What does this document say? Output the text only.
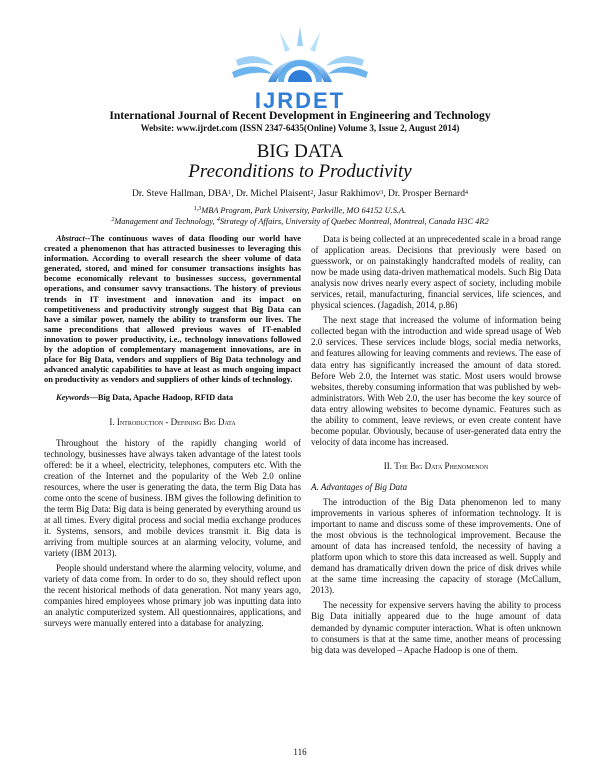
IJRDET
International Journal of Recent Development in Engineering and Technology
Website: www.ijrdet.com (ISSN 2347-6435(Online) Volume 3, Issue 2, August 2014)
BIG DATA
Preconditions to Productivity
Dr. Steve Hallman, DBA$^1$, Dr. Michel Plaisent$^2$, Jasur Rakhimov$^3$, Dr. Prosper Bernard$^4$
$^{1,3}$MBA Program, Park University, Parkville, MO 64152 U.S.A.
$^2$Management and Technology, $^4$Strategy of Affairs, University of Quebec Montreal, Montreal, Canada H3C 4R2

Abstract--The continuous waves of data flooding our world have created a phenomenon that has attracted businesses to leveraging this information. According to overall research the sheer volume of data generated, stored, and mined for consumer transactions insights has become economically relevant to businesses success, governmental operations, and consumer savvy transactions. The history of previous trends in IT investment and innovation and its impact on competitiveness and productivity strongly suggest that Big Data can have a similar power, namely the ability to transform our lives. The same preconditions that allowed previous waves of IT-enabled innovation to power productivity, i.e., technology innovations followed by the adoption of complementary management innovations, are in place for Big Data, vendors and suppliers of Big Data technology and advanced analytic capabilities to have at least as much ongoing impact on productivity as vendors and suppliers of other kinds of technology.

Keywords—Big Data, Apache Hadoop, RFID data

I. Introduction - Defining Big Data

Throughout the history of the rapidly changing world of technology, businesses have always taken advantage of the latest tools offered: be it a wheel, electricity, telephones, computers etc. With the creation of the Internet and the popularity of the Web 2.0 online resources, where the user is generating the data, the term Big Data has come onto the scene of business. IBM gives the following definition to the term Big Data: Big data is being generated by everything around us at all times. Every digital process and social media exchange produces it. Systems, sensors, and mobile devices transmit it. Big data is arriving from multiple sources at an alarming velocity, volume, and variety (IBM 2013).

People should understand where the alarming velocity, volume, and variety of data come from. In order to do so, they should reflect upon the recent historical methods of data generation. Not many years ago, companies hired employees whose primary job was inputting data into an analytic computerized system. All questionnaires, applications, and surveys were manually entered into a database for analyzing.

Data is being collected at an unprecedented scale in a broad range of application areas. Decisions that previously were based on guesswork, or on painstakingly handcrafted models of reality, can now be made using data-driven mathematical models. Such Big Data analysis now drives nearly every aspect of society, including mobile services, retail, manufacturing, financial services, life sciences, and physical sciences. (Jagadish, 2014, p.86)

The next stage that increased the volume of information being collected began with the introduction and wide spread usage of Web 2.0 services. These services include blogs, social media networks, and features allowing for leaving comments and reviews. The ease of data entry has significantly increased the amount of data stored. Before Web 2.0, the Internet was static. Most users would browse websites, thereby consuming information that was published by web-administrators. With Web 2.0, the user has become the key source of data entry allowing websites to become dynamic. Features such as the ability to comment, leave reviews, or even create content have become popular. Obviously, because of user-generated data entry the velocity of data income has increased.

II. The Big Data Phenomenon
A. Advantages of Big Data

The introduction of the Big Data phenomenon led to many improvements in various spheres of information technology. It is important to name and discuss some of these improvements. One of the most obvious is the technological improvement. Because the amount of data has increased tenfold, the necessity of having a platform upon which to store this data increased as well. Supply and demand has dramatically driven down the price of disk drives while at the same time increasing the capacity of storage (McCallum, 2013).

The necessity for expensive servers having the ability to process Big Data initially appeared due to the huge amount of data demanded by dynamic computer interaction. What is often unknown to consumers is that at the same time, another means of processing big data was developed – Apache Hadoop is one of them.

116
